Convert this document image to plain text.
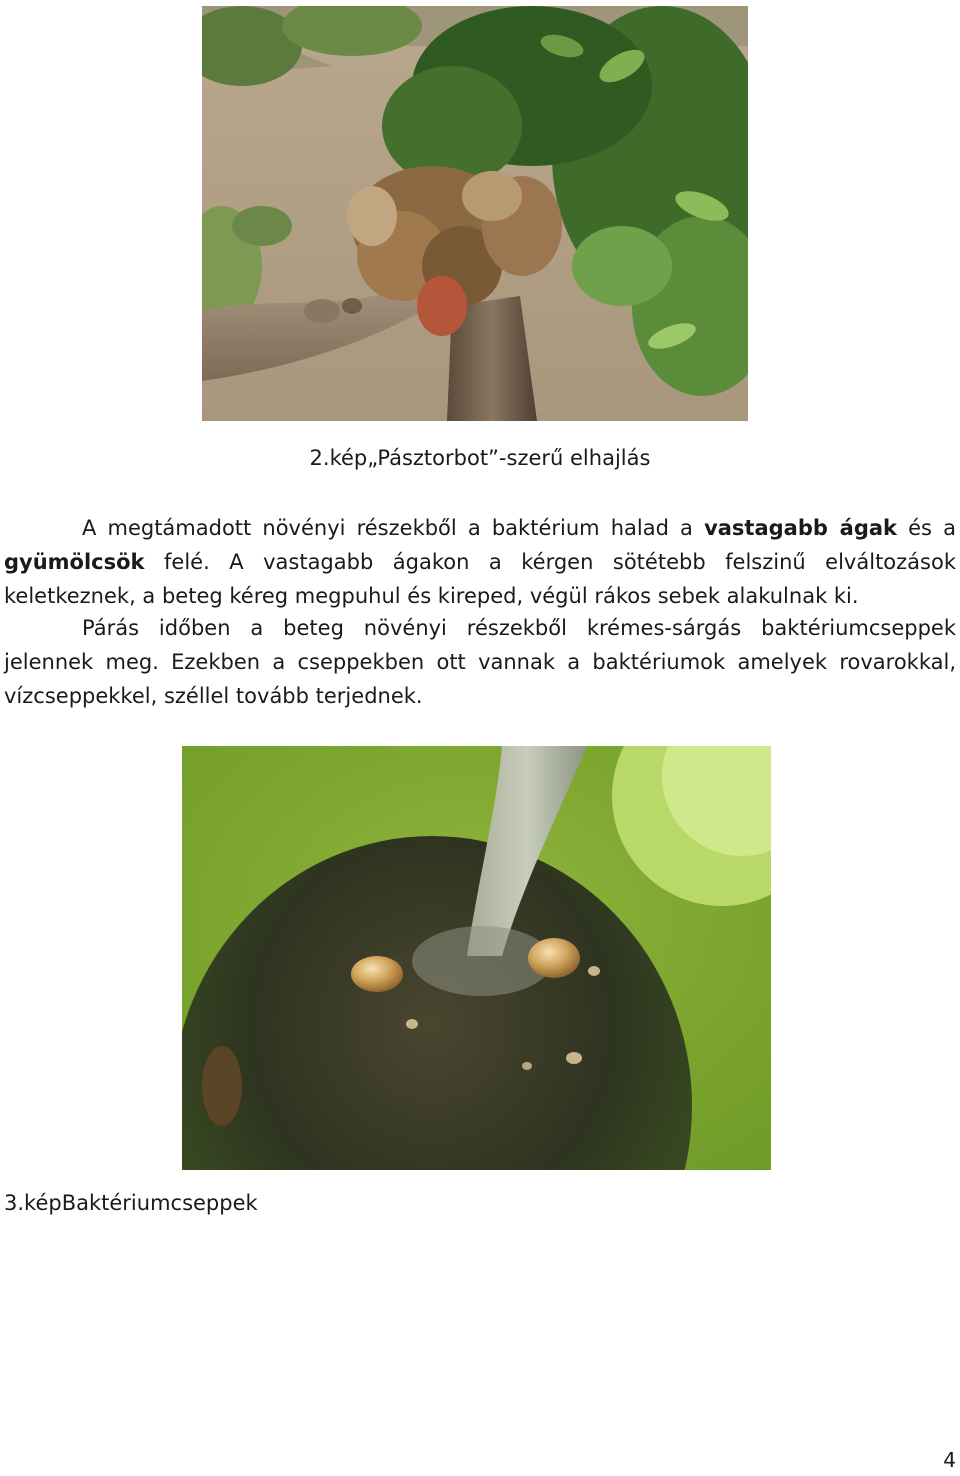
2.kép„Pásztorbot”-szerű elhajlás
A megtámadott növényi részekből a baktérium halad a vastagabb ágak és a
gyümölcsök felé. A vastagabb ágakon a kérgen sötétebb felszinű elváltozások
keletkeznek, a beteg kéreg megpuhul és kireped, végül rákos sebek alakulnak ki.
Párás időben a beteg növényi részekből krémes-sárgás baktériumcseppek
jelennek meg. Ezekben a cseppekben ott vannak a baktériumok amelyek rovarokkal,
vízcseppekkel, széllel tovább terjednek.
3.képBaktériumcseppek
4
